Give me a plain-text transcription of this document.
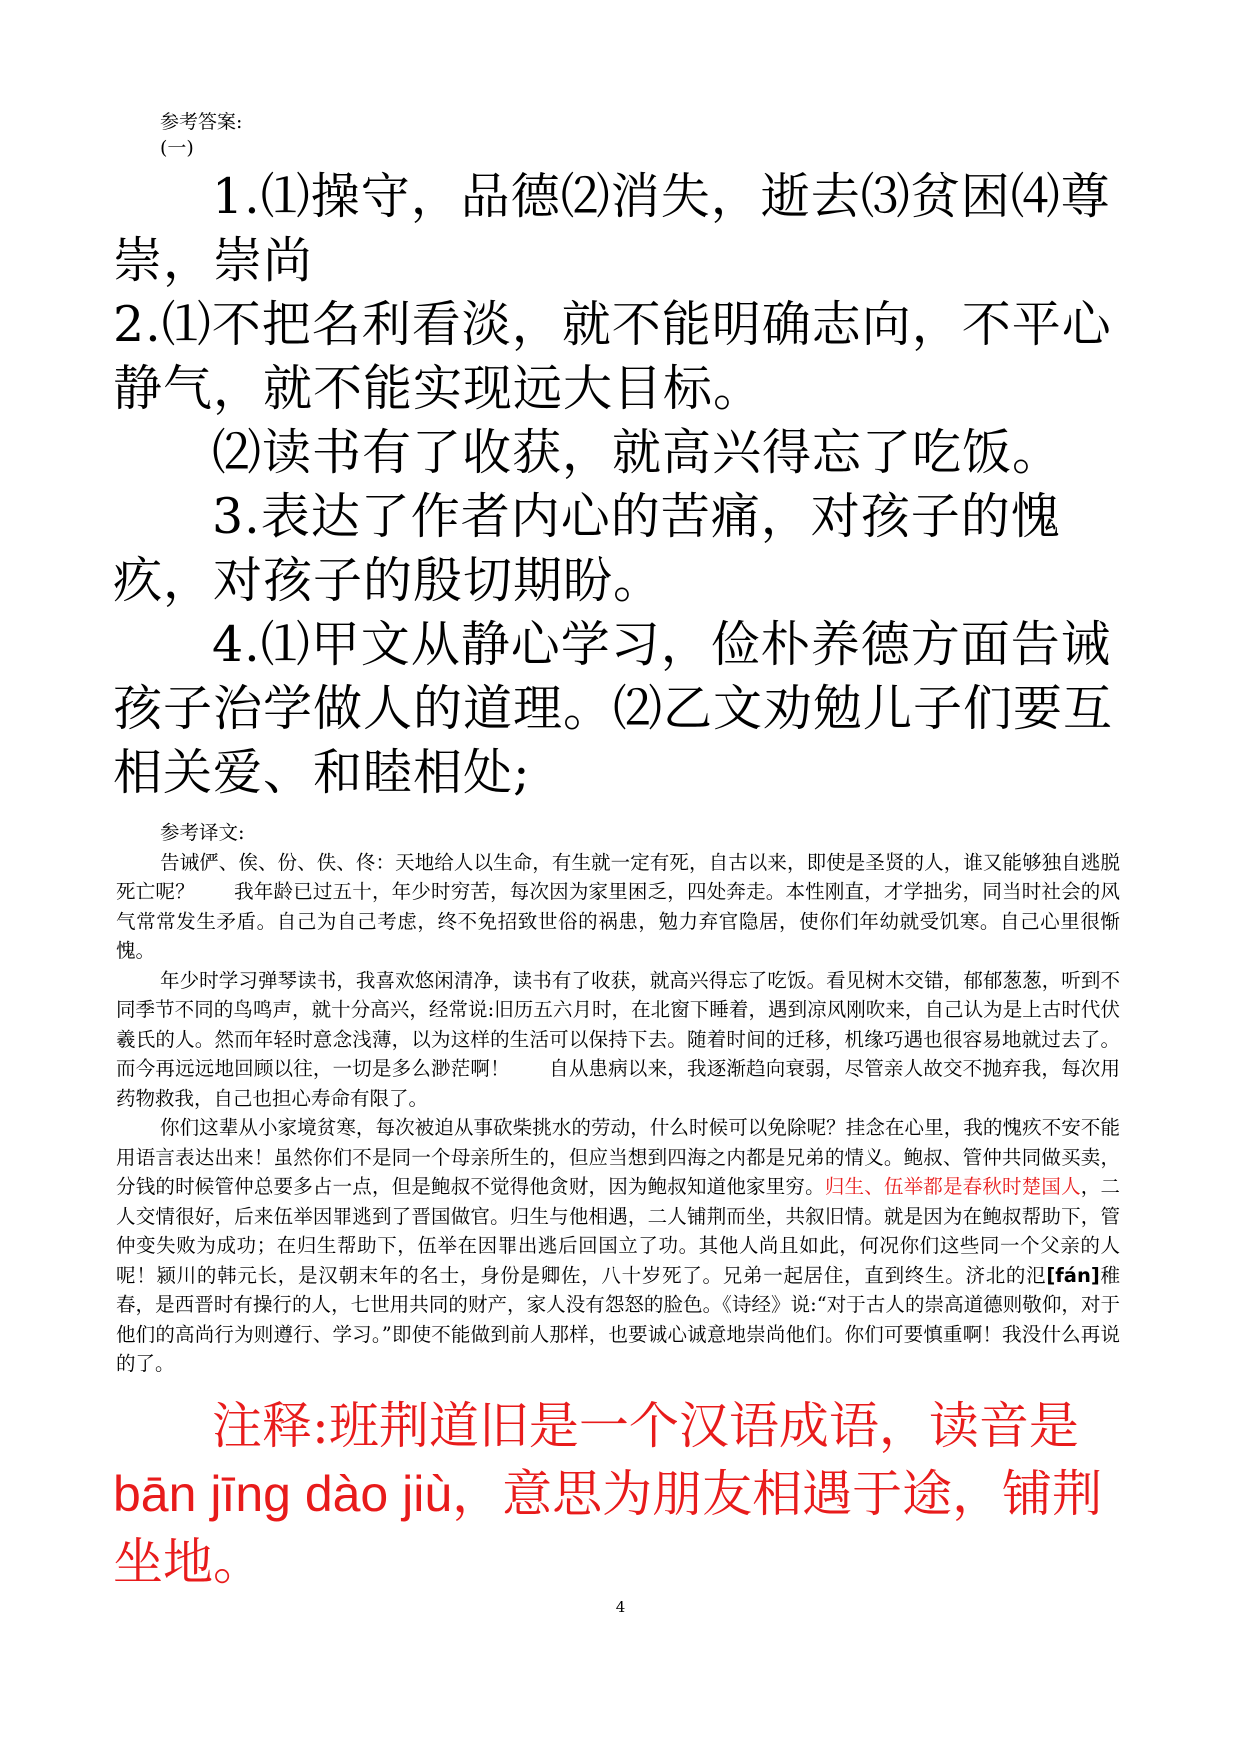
参考答案:
(一)
1.⑴操守，品德⑵消失，逝去⑶贫困⑷尊崇，崇尚
2.⑴不把名利看淡，就不能明确志向，不平心静气，就不能实现远大目标。
⑵读书有了收获，就高兴得忘了吃饭。
3.表达了作者内心的苦痛，对孩子的愧疚，对孩子的殷切期盼。
4.⑴甲文从静心学习，俭朴养德方面告诫孩子治学做人的道理。⑵乙文劝勉儿子们要互相关爱、和睦相处;

参考译文:

告诫俨、俟、份、佚、佟：天地给人以生命，有生就一定有死，自古以来，即使是圣贤的人，谁又能够独自逃脱死亡呢？　　我年龄已过五十，年少时穷苦，每次因为家里困乏，四处奔走。本性刚直，才学拙劣，同当时社会的风气常常发生矛盾。自己为自己考虑，终不免招致世俗的祸患，勉力弃官隐居，使你们年幼就受饥寒。自己心里很惭愧。

年少时学习弹琴读书，我喜欢悠闲清净，读书有了收获，就高兴得忘了吃饭。看见树木交错，郁郁葱葱，听到不同季节不同的鸟鸣声，就十分高兴，经常说:旧历五六月时，在北窗下睡着，遇到凉风刚吹来，自己认为是上古时代伏羲氏的人。然而年轻时意念浅薄，以为这样的生活可以保持下去。随着时间的迁移，机缘巧遇也很容易地就过去了。而今再远远地回顾以往，一切是多么渺茫啊！　　自从患病以来，我逐渐趋向衰弱，尽管亲人故交不抛弃我，每次用药物救我，自己也担心寿命有限了。

你们这辈从小家境贫寒，每次被迫从事砍柴挑水的劳动，什么时候可以免除呢？挂念在心里，我的愧疚不安不能用语言表达出来！虽然你们不是同一个母亲所生的，但应当想到四海之内都是兄弟的情义。鲍叔、管仲共同做买卖，分钱的时候管仲总要多占一点，但是鲍叔不觉得他贪财，因为鲍叔知道他家里穷。归生、伍举都是春秋时楚国人，二人交情很好，后来伍举因罪逃到了晋国做官。归生与他相遇，二人铺荆而坐，共叙旧情。就是因为在鲍叔帮助下，管仲变失败为成功；在归生帮助下，伍举在因罪出逃后回国立了功。其他人尚且如此，何况你们这些同一个父亲的人呢！颍川的韩元长，是汉朝末年的名士，身份是卿佐，八十岁死了。兄弟一起居住，直到终生。济北的氾[fán]稚春，是西晋时有操行的人，七世用共同的财产，家人没有怨怒的脸色。《诗经》说:“对于古人的崇高道德则敬仰，对于他们的高尚行为则遵行、学习。”即使不能做到前人那样，也要诚心诚意地崇尚他们。你们可要慎重啊！我没什么再说的了。

注释:班荆道旧是一个汉语成语，读音是 bān jīng dào jiù，意思为朋友相遇于途，铺荆坐地。
4
